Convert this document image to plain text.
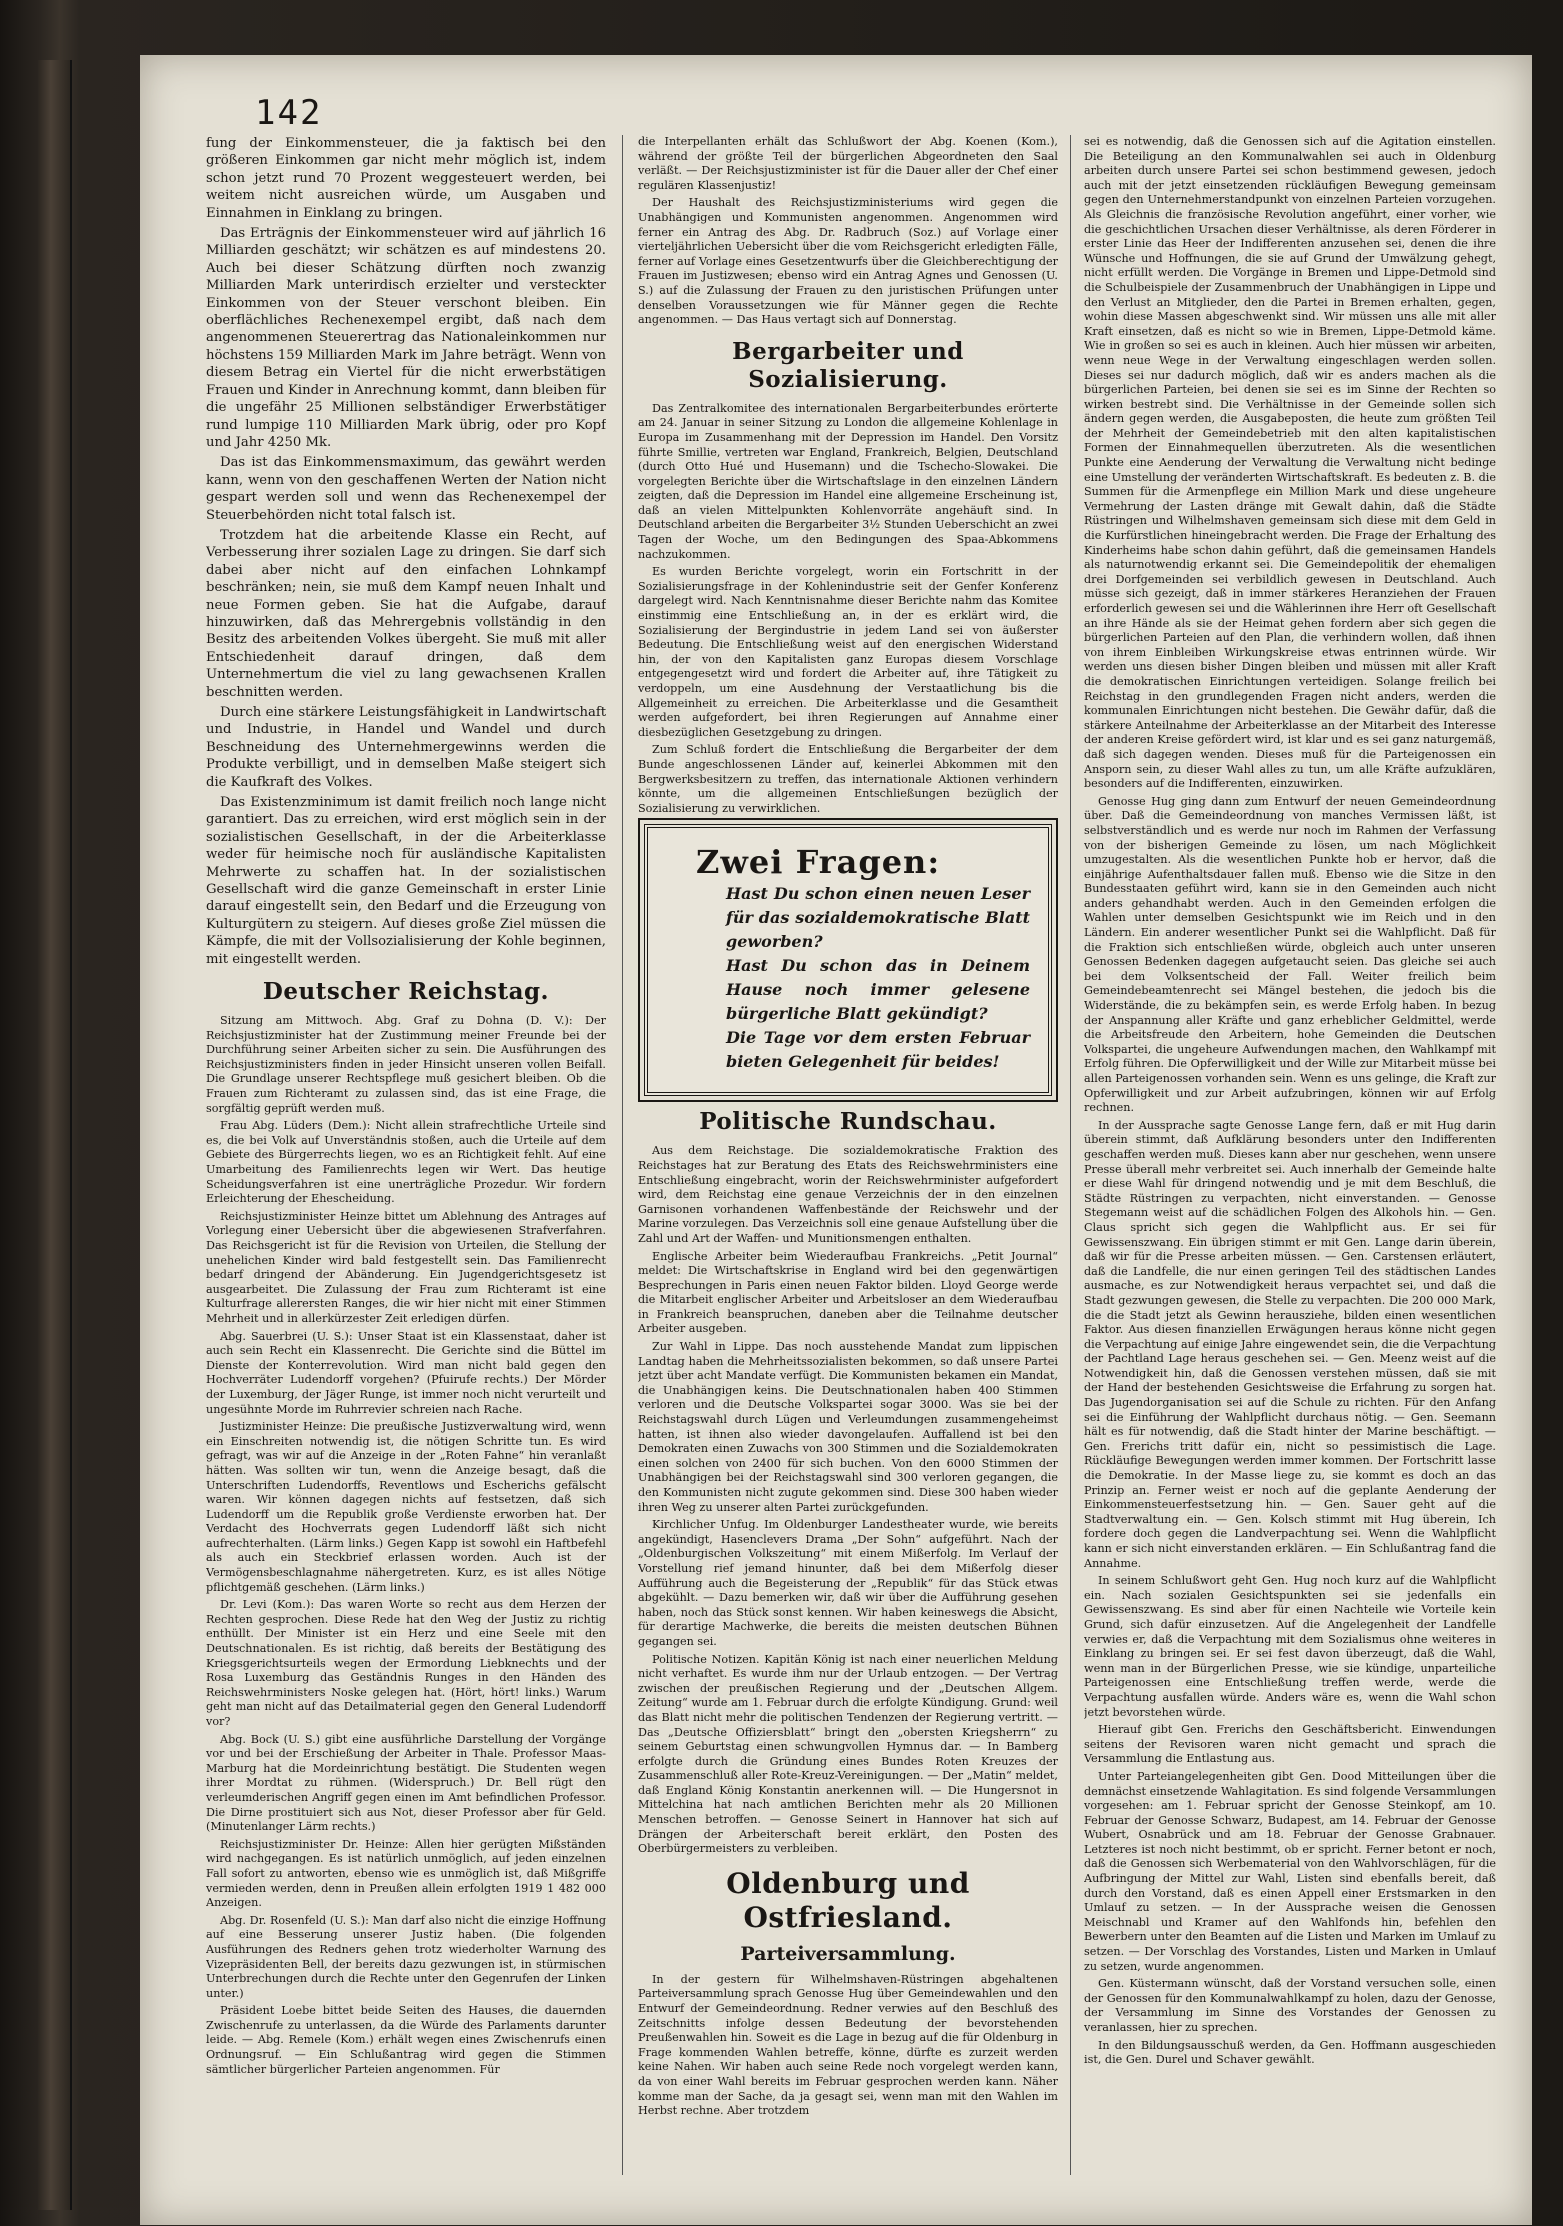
142

fung der Einkommensteuer, die ja faktisch bei den größeren Einkommen gar nicht mehr möglich ist, indem schon jetzt rund 70 Prozent weggesteuert werden, bei weitem nicht ausreichen würde, um Ausgaben und Einnahmen in Einklang zu bringen.

Das Erträgnis der Einkommensteuer wird auf jährlich 16 Milliarden geschätzt; wir schätzen es auf mindestens 20. Auch bei dieser Schätzung dürften noch zwanzig Milliarden Mark unterirdisch erzielter und versteckter Einkommen von der Steuer verschont bleiben. Ein oberflächliches Rechenexempel ergibt, daß nach dem angenommenen Steuerertrag das Nationaleinkommen nur höchstens 159 Milliarden Mark im Jahre beträgt. Wenn von diesem Betrag ein Viertel für die nicht erwerbstätigen Frauen und Kinder in Anrechnung kommt, dann bleiben für die ungefähr 25 Millionen selbständiger Erwerbstätiger rund lumpige 110 Milliarden Mark übrig, oder pro Kopf und Jahr 4250 Mk.

Das ist das Einkommensmaximum, das gewährt werden kann, wenn von den geschaffenen Werten der Nation nicht gespart werden soll und wenn das Rechenexempel der Steuerbehörden nicht total falsch ist.

Trotzdem hat die arbeitende Klasse ein Recht, auf Verbesserung ihrer sozialen Lage zu dringen. Sie darf sich dabei aber nicht auf den einfachen Lohnkampf beschränken; nein, sie muß dem Kampf neuen Inhalt und neue Formen geben. Sie hat die Aufgabe, darauf hinzuwirken, daß das Mehrergebnis vollständig in den Besitz des arbeitenden Volkes übergeht. Sie muß mit aller Entschiedenheit darauf dringen, daß dem Unternehmertum die viel zu lang gewachsenen Krallen beschnitten werden.

Durch eine stärkere Leistungsfähigkeit in Landwirtschaft und Industrie, in Handel und Wandel und durch Beschneidung des Unternehmergewinns werden die Produkte verbilligt, und in demselben Maße steigert sich die Kaufkraft des Volkes.

Das Existenzminimum ist damit freilich noch lange nicht garantiert. Das zu erreichen, wird erst möglich sein in der sozialistischen Gesellschaft, in der die Arbeiterklasse weder für heimische noch für ausländische Kapitalisten Mehrwerte zu schaffen hat. In der sozialistischen Gesellschaft wird die ganze Gemeinschaft in erster Linie darauf eingestellt sein, den Bedarf und die Erzeugung von Kulturgütern zu steigern. Auf dieses große Ziel müssen die Kämpfe, die mit der Vollsozialisierung der Kohle beginnen, mit eingestellt werden.

Deutscher Reichstag.

Sitzung am Mittwoch. Abg. Graf zu Dohna (D. V.): Der Reichsjustizminister hat der Zustimmung meiner Freunde bei der Durchführung seiner Arbeiten sicher zu sein. Die Ausführungen des Reichsjustizministers finden in jeder Hinsicht unseren vollen Beifall. Die Grundlage unserer Rechtspflege muß gesichert bleiben. Ob die Frauen zum Richteramt zu zulassen sind, das ist eine Frage, die sorgfältig geprüft werden muß.

Frau Abg. Lüders (Dem.): Nicht allein strafrechtliche Urteile sind es, die bei Volk auf Unverständnis stoßen, auch die Urteile auf dem Gebiete des Bürgerrechts liegen, wo es an Richtigkeit fehlt. Auf eine Umarbeitung des Familienrechts legen wir Wert. Das heutige Scheidungsverfahren ist eine unerträgliche Prozedur. Wir fordern Erleichterung der Ehescheidung.

Reichsjustizminister Heinze bittet um Ablehnung des Antrages auf Vorlegung einer Uebersicht über die abgewiesenen Strafverfahren. Das Reichsgericht ist für die Revision von Urteilen, die Stellung der unehelichen Kinder wird bald festgestellt sein. Das Familienrecht bedarf dringend der Abänderung. Ein Jugendgerichtsgesetz ist ausgearbeitet. Die Zulassung der Frau zum Richteramt ist eine Kulturfrage allerersten Ranges, die wir hier nicht mit einer Stimmen Mehrheit und in allerkürzester Zeit erledigen dürfen.

Abg. Sauerbrei (U. S.): Unser Staat ist ein Klassenstaat, daher ist auch sein Recht ein Klassenrecht. Die Gerichte sind die Büttel im Dienste der Konterrevolution. Wird man nicht bald gegen den Hochverräter Ludendorff vorgehen? (Pfuirufe rechts.) Der Mörder der Luxemburg, der Jäger Runge, ist immer noch nicht verurteilt und ungesühnte Morde im Ruhrrevier schreien nach Rache.

Justizminister Heinze: Die preußische Justizverwaltung wird, wenn ein Einschreiten notwendig ist, die nötigen Schritte tun. Es wird gefragt, was wir auf die Anzeige in der „Roten Fahne“ hin veranlaßt hätten. Was sollten wir tun, wenn die Anzeige besagt, daß die Unterschriften Ludendorffs, Reventlows und Escherichs gefälscht waren. Wir können dagegen nichts auf festsetzen, daß sich Ludendorff um die Republik große Verdienste erworben hat. Der Verdacht des Hochverrats gegen Ludendorff läßt sich nicht aufrechterhalten. (Lärm links.) Gegen Kapp ist sowohl ein Haftbefehl als auch ein Steckbrief erlassen worden. Auch ist der Vermögensbeschlagnahme nähergetreten. Kurz, es ist alles Nötige pflichtgemäß geschehen. (Lärm links.)

Dr. Levi (Kom.): Das waren Worte so recht aus dem Herzen der Rechten gesprochen. Diese Rede hat den Weg der Justiz zu richtig enthüllt. Der Minister ist ein Herz und eine Seele mit den Deutschnationalen. Es ist richtig, daß bereits der Bestätigung des Kriegsgerichtsurteils wegen der Ermordung Liebknechts und der Rosa Luxemburg das Geständnis Runges in den Händen des Reichswehrministers Noske gelegen hat. (Hört, hört! links.) Warum geht man nicht auf das Detailmaterial gegen den General Ludendorff vor?

Abg. Bock (U. S.) gibt eine ausführliche Darstellung der Vorgänge vor und bei der Erschießung der Arbeiter in Thale. Professor Maas-Marburg hat die Mordeinrichtung bestätigt. Die Studenten wegen ihrer Mordtat zu rühmen. (Widerspruch.) Dr. Bell rügt den verleumderischen Angriff gegen einen im Amt befindlichen Professor. Die Dirne prostituiert sich aus Not, dieser Professor aber für Geld. (Minutenlanger Lärm rechts.)

Reichsjustizminister Dr. Heinze: Allen hier gerügten Mißständen wird nachgegangen. Es ist natürlich unmöglich, auf jeden einzelnen Fall sofort zu antworten, ebenso wie es unmöglich ist, daß Mißgriffe vermieden werden, denn in Preußen allein erfolgten 1919 1 482 000 Anzeigen.

Abg. Dr. Rosenfeld (U. S.): Man darf also nicht die einzige Hoffnung auf eine Besserung unserer Justiz haben. (Die folgenden Ausführungen des Redners gehen trotz wiederholter Warnung des Vizepräsidenten Bell, der bereits dazu gezwungen ist, in stürmischen Unterbrechungen durch die Rechte unter den Gegenrufen der Linken unter.)

Präsident Loebe bittet beide Seiten des Hauses, die dauernden Zwischenrufe zu unterlassen, da die Würde des Parlaments darunter leide. — Abg. Remele (Kom.) erhält wegen eines Zwischenrufs einen Ordnungsruf. — Ein Schlußantrag wird gegen die Stimmen sämtlicher bürgerlicher Parteien angenommen. Für

die Interpellanten erhält das Schlußwort der Abg. Koenen (Kom.), während der größte Teil der bürgerlichen Abgeordneten den Saal verläßt. — Der Reichsjustizminister ist für die Dauer aller der Chef einer regulären Klassenjustiz!

Der Haushalt des Reichsjustizministeriums wird gegen die Unabhängigen und Kommunisten angenommen. Angenommen wird ferner ein Antrag des Abg. Dr. Radbruch (Soz.) auf Vorlage einer vierteljährlichen Uebersicht über die vom Reichsgericht erledigten Fälle, ferner auf Vorlage eines Gesetzentwurfs über die Gleichberechtigung der Frauen im Justizwesen; ebenso wird ein Antrag Agnes und Genossen (U. S.) auf die Zulassung der Frauen zu den juristischen Prüfungen unter denselben Voraussetzungen wie für Männer gegen die Rechte angenommen. — Das Haus vertagt sich auf Donnerstag.

Bergarbeiter und Sozialisierung.

Das Zentralkomitee des internationalen Bergarbeiterbundes erörterte am 24. Januar in seiner Sitzung zu London die allgemeine Kohlenlage in Europa im Zusammenhang mit der Depression im Handel. Den Vorsitz führte Smillie, vertreten war England, Frankreich, Belgien, Deutschland (durch Otto Hué und Husemann) und die Tschecho-Slowakei. Die vorgelegten Berichte über die Wirtschaftslage in den einzelnen Ländern zeigten, daß die Depression im Handel eine allgemeine Erscheinung ist, daß an vielen Mittelpunkten Kohlenvorräte angehäuft sind. In Deutschland arbeiten die Bergarbeiter 3½ Stunden Ueberschicht an zwei Tagen der Woche, um den Bedingungen des Spaa-Abkommens nachzukommen.

Es wurden Berichte vorgelegt, worin ein Fortschritt in der Sozialisierungsfrage in der Kohlenindustrie seit der Genfer Konferenz dargelegt wird. Nach Kenntnisnahme dieser Berichte nahm das Komitee einstimmig eine Entschließung an, in der es erklärt wird, die Sozialisierung der Bergindustrie in jedem Land sei von äußerster Bedeutung. Die Entschließung weist auf den energischen Widerstand hin, der von den Kapitalisten ganz Europas diesem Vorschlage entgegengesetzt wird und fordert die Arbeiter auf, ihre Tätigkeit zu verdoppeln, um eine Ausdehnung der Verstaatlichung bis die Allgemeinheit zu erreichen. Die Arbeiterklasse und die Gesamtheit werden aufgefordert, bei ihren Regierungen auf Annahme einer diesbezüglichen Gesetzgebung zu dringen.

Zum Schluß fordert die Entschließung die Bergarbeiter der dem Bunde angeschlossenen Länder auf, keinerlei Abkommen mit den Bergwerksbesitzern zu treffen, das internationale Aktionen verhindern könnte, um die allgemeinen Entschließungen bezüglich der Sozialisierung zu verwirklichen.

Zwei Fragen:
Hast Du schon einen neuen Leser für das sozialdemokratische Blatt geworben?
Hast Du schon das in Deinem Hause noch immer gelesene bürgerliche Blatt gekündigt?
Die Tage vor dem ersten Februar bieten Gelegenheit für beides!
Politische Rundschau.

Aus dem Reichstage. Die sozialdemokratische Fraktion des Reichstages hat zur Beratung des Etats des Reichswehrministers eine Entschließung eingebracht, worin der Reichswehrminister aufgefordert wird, dem Reichstag eine genaue Verzeichnis der in den einzelnen Garnisonen vorhandenen Waffenbestände der Reichswehr und der Marine vorzulegen. Das Verzeichnis soll eine genaue Aufstellung über die Zahl und Art der Waffen- und Munitionsmengen enthalten.

Englische Arbeiter beim Wiederaufbau Frankreichs. „Petit Journal“ meldet: Die Wirtschaftskrise in England wird bei den gegenwärtigen Besprechungen in Paris einen neuen Faktor bilden. Lloyd George werde die Mitarbeit englischer Arbeiter und Arbeitsloser an dem Wiederaufbau in Frankreich beanspruchen, daneben aber die Teilnahme deutscher Arbeiter ausgeben.

Zur Wahl in Lippe. Das noch ausstehende Mandat zum lippischen Landtag haben die Mehrheitssozialisten bekommen, so daß unsere Partei jetzt über acht Mandate verfügt. Die Kommunisten bekamen ein Mandat, die Unabhängigen keins. Die Deutschnationalen haben 400 Stimmen verloren und die Deutsche Volkspartei sogar 3000. Was sie bei der Reichstagswahl durch Lügen und Verleumdungen zusammengeheimst hatten, ist ihnen also wieder davongelaufen. Auffallend ist bei den Demokraten einen Zuwachs von 300 Stimmen und die Sozialdemokraten einen solchen von 2400 für sich buchen. Von den 6000 Stimmen der Unabhängigen bei der Reichstagswahl sind 300 verloren gegangen, die den Kommunisten nicht zugute gekommen sind. Diese 300 haben wieder ihren Weg zu unserer alten Partei zurückgefunden.

Kirchlicher Unfug. Im Oldenburger Landestheater wurde, wie bereits angekündigt, Hasenclevers Drama „Der Sohn“ aufgeführt. Nach der „Oldenburgischen Volkszeitung“ mit einem Mißerfolg. Im Verlauf der Vorstellung rief jemand hinunter, daß bei dem Mißerfolg dieser Aufführung auch die Begeisterung der „Republik“ für das Stück etwas abgekühlt. — Dazu bemerken wir, daß wir über die Aufführung gesehen haben, noch das Stück sonst kennen. Wir haben keineswegs die Absicht, für derartige Machwerke, die bereits die meisten deutschen Bühnen gegangen sei.

Politische Notizen. Kapitän König ist nach einer neuerlichen Meldung nicht verhaftet. Es wurde ihm nur der Urlaub entzogen. — Der Vertrag zwischen der preußischen Regierung und der „Deutschen Allgem. Zeitung“ wurde am 1. Februar durch die erfolgte Kündigung. Grund: weil das Blatt nicht mehr die politischen Tendenzen der Regierung vertritt. — Das „Deutsche Offiziersblatt“ bringt den „obersten Kriegsherrn“ zu seinem Geburtstag einen schwungvollen Hymnus dar. — In Bamberg erfolgte durch die Gründung eines Bundes Roten Kreuzes der Zusammenschluß aller Rote-Kreuz-Vereinigungen. — Der „Matin“ meldet, daß England König Konstantin anerkennen will. — Die Hungersnot in Mittelchina hat nach amtlichen Berichten mehr als 20 Millionen Menschen betroffen. — Genosse Seinert in Hannover hat sich auf Drängen der Arbeiterschaft bereit erklärt, den Posten des Oberbürgermeisters zu verbleiben.

Oldenburg und Ostfriesland.
Parteiversammlung.

In der gestern für Wilhelmshaven-Rüstringen abgehaltenen Parteiversammlung sprach Genosse Hug über Gemeindewahlen und den Entwurf der Gemeindeordnung. Redner verwies auf den Beschluß des Zeitschnitts infolge dessen Bedeutung der bevorstehenden Preußenwahlen hin. Soweit es die Lage in bezug auf die für Oldenburg in Frage kommenden Wahlen betreffe, könne, dürfte es zurzeit werden keine Nahen. Wir haben auch seine Rede noch vorgelegt werden kann, da von einer Wahl bereits im Februar gesprochen werden kann. Näher komme man der Sache, da ja gesagt sei, wenn man mit den Wahlen im Herbst rechne. Aber trotzdem

sei es notwendig, daß die Genossen sich auf die Agitation einstellen. Die Beteiligung an den Kommunalwahlen sei auch in Oldenburg arbeiten durch unsere Partei sei schon bestimmend gewesen, jedoch auch mit der jetzt einsetzenden rückläufigen Bewegung gemeinsam gegen den Unternehmerstandpunkt von einzelnen Parteien vorzugehen. Als Gleichnis die französische Revolution angeführt, einer vorher, wie die geschichtlichen Ursachen dieser Verhältnisse, als deren Förderer in erster Linie das Heer der Indifferenten anzusehen sei, denen die ihre Wünsche und Hoffnungen, die sie auf Grund der Umwälzung gehegt, nicht erfüllt werden. Die Vorgänge in Bremen und Lippe-Detmold sind die Schulbeispiele der Zusammenbruch der Unabhängigen in Lippe und den Verlust an Mitglieder, den die Partei in Bremen erhalten, gegen, wohin diese Massen abgeschwenkt sind. Wir müssen uns alle mit aller Kraft einsetzen, daß es nicht so wie in Bremen, Lippe-Detmold käme. Wie in großen so sei es auch in kleinen. Auch hier müssen wir arbeiten, wenn neue Wege in der Verwaltung eingeschlagen werden sollen. Dieses sei nur dadurch möglich, daß wir es anders machen als die bürgerlichen Parteien, bei denen sie sei es im Sinne der Rechten so wirken bestrebt sind. Die Verhältnisse in der Gemeinde sollen sich ändern gegen werden, die Ausgabeposten, die heute zum größten Teil der Mehrheit der Gemeindebetrieb mit den alten kapitalistischen Formen der Einnahmequellen überzutreten. Als die wesentlichen Punkte eine Aenderung der Verwaltung die Verwaltung nicht bedinge eine Umstellung der veränderten Wirtschaftskraft. Es bedeuten z. B. die Summen für die Armenpflege ein Million Mark und diese ungeheure Vermehrung der Lasten dränge mit Gewalt dahin, daß die Städte Rüstringen und Wilhelmshaven gemeinsam sich diese mit dem Geld in die Kurfürstlichen hineingebracht werden. Die Frage der Erhaltung des Kinderheims habe schon dahin geführt, daß die gemeinsamen Handels als naturnotwendig erkannt sei. Die Gemeindepolitik der ehemaligen drei Dorfgemeinden sei verbildlich gewesen in Deutschland. Auch müsse sich gezeigt, daß in immer stärkeres Heranziehen der Frauen erforderlich gewesen sei und die Wählerinnen ihre Herr oft Gesellschaft an ihre Hände als sie der Heimat gehen fordern aber sich gegen die bürgerlichen Parteien auf den Plan, die verhindern wollen, daß ihnen von ihrem Einbleiben Wirkungskreise etwas entrinnen würde. Wir werden uns diesen bisher Dingen bleiben und müssen mit aller Kraft die demokratischen Einrichtungen verteidigen. Solange freilich bei Reichstag in den grundlegenden Fragen nicht anders, werden die kommunalen Einrichtungen nicht bestehen. Die Gewähr dafür, daß die stärkere Anteilnahme der Arbeiterklasse an der Mitarbeit des Interesse der anderen Kreise gefördert wird, ist klar und es sei ganz naturgemäß, daß sich dagegen wenden. Dieses muß für die Parteigenossen ein Ansporn sein, zu dieser Wahl alles zu tun, um alle Kräfte aufzuklären, besonders auf die Indifferenten, einzuwirken.

Genosse Hug ging dann zum Entwurf der neuen Gemeindeordnung über. Daß die Gemeindeordnung von manches Vermissen läßt, ist selbstverständlich und es werde nur noch im Rahmen der Verfassung von der bisherigen Gemeinde zu lösen, um nach Möglichkeit umzugestalten. Als die wesentlichen Punkte hob er hervor, daß die einjährige Aufenthaltsdauer fallen muß. Ebenso wie die Sitze in den Bundesstaaten geführt wird, kann sie in den Gemeinden auch nicht anders gehandhabt werden. Auch in den Gemeinden erfolgen die Wahlen unter demselben Gesichtspunkt wie im Reich und in den Ländern. Ein anderer wesentlicher Punkt sei die Wahlpflicht. Daß für die Fraktion sich entschließen würde, obgleich auch unter unseren Genossen Bedenken dagegen aufgetaucht seien. Das gleiche sei auch bei dem Volksentscheid der Fall. Weiter freilich beim Gemeindebeamtenrecht sei Mängel bestehen, die jedoch bis die Widerstände, die zu bekämpfen sein, es werde Erfolg haben. In bezug der Anspannung aller Kräfte und ganz erheblicher Geldmittel, werde die Arbeitsfreude den Arbeitern, hohe Gemeinden die Deutschen Volkspartei, die ungeheure Aufwendungen machen, den Wahlkampf mit Erfolg führen. Die Opferwilligkeit und der Wille zur Mitarbeit müsse bei allen Parteigenossen vorhanden sein. Wenn es uns gelinge, die Kraft zur Opferwilligkeit und zur Arbeit aufzubringen, können wir auf Erfolg rechnen.

In der Aussprache sagte Genosse Lange fern, daß er mit Hug darin überein stimmt, daß Aufklärung besonders unter den Indifferenten geschaffen werden muß. Dieses kann aber nur geschehen, wenn unsere Presse überall mehr verbreitet sei. Auch innerhalb der Gemeinde halte er diese Wahl für dringend notwendig und je mit dem Beschluß, die Städte Rüstringen zu verpachten, nicht einverstanden. — Genosse Stegemann weist auf die schädlichen Folgen des Alkohols hin. — Gen. Claus spricht sich gegen die Wahlpflicht aus. Er sei für Gewissenszwang. Ein übrigen stimmt er mit Gen. Lange darin überein, daß wir für die Presse arbeiten müssen. — Gen. Carstensen erläutert, daß die Landfelle, die nur einen geringen Teil des städtischen Landes ausmache, es zur Notwendigkeit heraus verpachtet sei, und daß die Stadt gezwungen gewesen, die Stelle zu verpachten. Die 200 000 Mark, die die Stadt jetzt als Gewinn herausziehe, bilden einen wesentlichen Faktor. Aus diesen finanziellen Erwägungen heraus könne nicht gegen die Verpachtung auf einige Jahre eingewendet sein, die die Verpachtung der Pachtland Lage heraus geschehen sei. — Gen. Meenz weist auf die Notwendigkeit hin, daß die Genossen verstehen müssen, daß sie mit der Hand der bestehenden Gesichtsweise die Erfahrung zu sorgen hat. Das Jugendorganisation sei auf die Schule zu richten. Für den Anfang sei die Einführung der Wahlpflicht durchaus nötig. — Gen. Seemann hält es für notwendig, daß die Stadt hinter der Marine beschäftigt. — Gen. Frerichs tritt dafür ein, nicht so pessimistisch die Lage. Rückläufige Bewegungen werden immer kommen. Der Fortschritt lasse die Demokratie. In der Masse liege zu, sie kommt es doch an das Prinzip an. Ferner weist er noch auf die geplante Aenderung der Einkommensteuerfestsetzung hin. — Gen. Sauer geht auf die Stadtverwaltung ein. — Gen. Kolsch stimmt mit Hug überein, Ich fordere doch gegen die Landverpachtung sei. Wenn die Wahlpflicht kann er sich nicht einverstanden erklären. — Ein Schlußantrag fand die Annahme.

In seinem Schlußwort geht Gen. Hug noch kurz auf die Wahlpflicht ein. Nach sozialen Gesichtspunkten sei sie jedenfalls ein Gewissenszwang. Es sind aber für einen Nachteile wie Vorteile kein Grund, sich dafür einzusetzen. Auf die Angelegenheit der Landfelle verwies er, daß die Verpachtung mit dem Sozialismus ohne weiteres in Einklang zu bringen sei. Er sei fest davon überzeugt, daß die Wahl, wenn man in der Bürgerlichen Presse, wie sie kündige, unparteiliche Parteigenossen eine Entschließung treffen werde, werde die Verpachtung ausfallen würde. Anders wäre es, wenn die Wahl schon jetzt bevorstehen würde.

Hierauf gibt Gen. Frerichs den Geschäftsbericht. Einwendungen seitens der Revisoren waren nicht gemacht und sprach die Versammlung die Entlastung aus.

Unter Parteiangelegenheiten gibt Gen. Dood Mitteilungen über die demnächst einsetzende Wahlagitation. Es sind folgende Versammlungen vorgesehen: am 1. Februar spricht der Genosse Steinkopf, am 10. Februar der Genosse Schwarz, Budapest, am 14. Februar der Genosse Wubert, Osnabrück und am 18. Februar der Genosse Grabnauer. Letzteres ist noch nicht bestimmt, ob er spricht. Ferner betont er noch, daß die Genossen sich Werbematerial von den Wahlvorschlägen, für die Aufbringung der Mittel zur Wahl, Listen sind ebenfalls bereit, daß durch den Vorstand, daß es einen Appell einer Erstsmarken in den Umlauf zu setzen. — In der Aussprache weisen die Genossen Meischnabl und Kramer auf den Wahlfonds hin, befehlen den Bewerbern unter den Beamten auf die Listen und Marken im Umlauf zu setzen. — Der Vorschlag des Vorstandes, Listen und Marken in Umlauf zu setzen, wurde angenommen.

Gen. Küstermann wünscht, daß der Vorstand versuchen solle, einen der Genossen für den Kommunalwahlkampf zu holen, dazu der Genosse, der Versammlung im Sinne des Vorstandes der Genossen zu veranlassen, hier zu sprechen.

In den Bildungsausschuß werden, da Gen. Hoffmann ausgeschieden ist, die Gen. Durel und Schaver gewählt.
